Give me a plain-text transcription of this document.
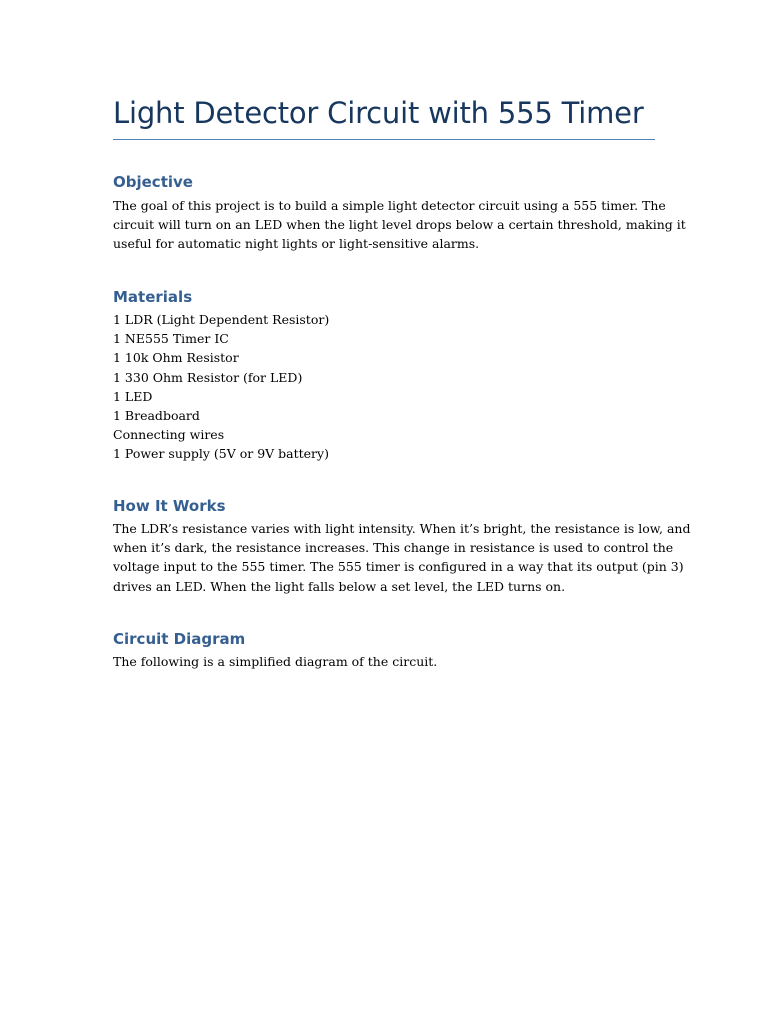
Light Detector Circuit with 555 Timer
Objective
The goal of this project is to build a simple light detector circuit using a 555 timer. The
circuit will turn on an LED when the light level drops below a certain threshold, making it
useful for automatic night lights or light-sensitive alarms.
Materials
1 LDR (Light Dependent Resistor)
1 NE555 Timer IC
1 10k Ohm Resistor
1 330 Ohm Resistor (for LED)
1 LED
1 Breadboard
Connecting wires
1 Power supply (5V or 9V battery)
How It Works
The LDR’s resistance varies with light intensity. When it’s bright, the resistance is low, and
when it’s dark, the resistance increases. This change in resistance is used to control the
voltage input to the 555 timer. The 555 timer is configured in a way that its output (pin 3)
drives an LED. When the light falls below a set level, the LED turns on.
Circuit Diagram
The following is a simplified diagram of the circuit.
